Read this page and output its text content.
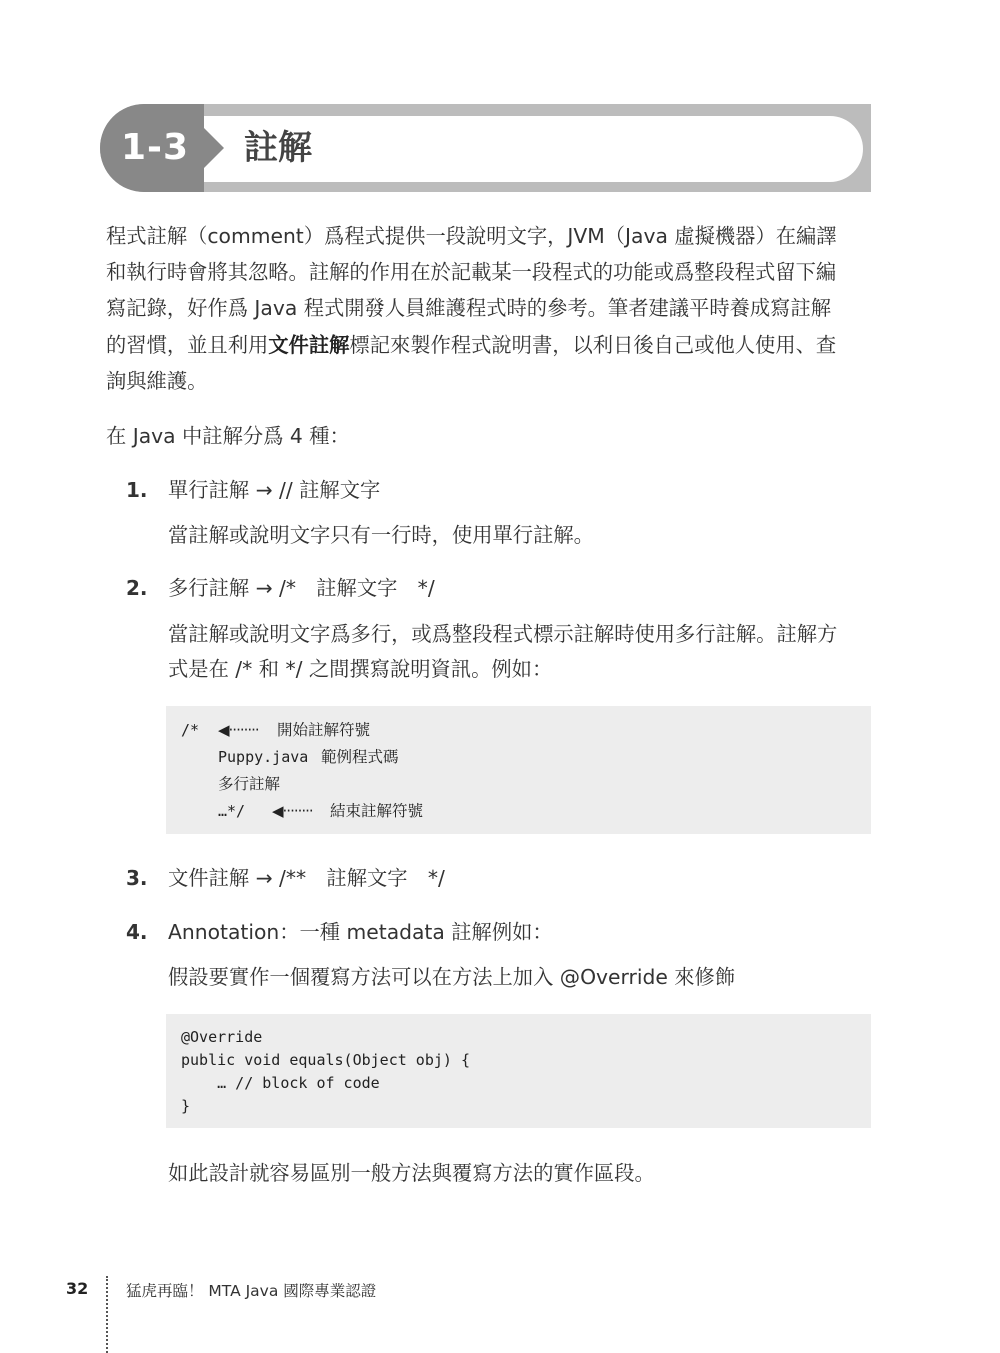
1-3	註解
程式註解（comment）爲程式提供一段說明文字，JVM（Java 虛擬機器）在編譯
和執行時會將其忽略。註解的作用在於記載某一段程式的功能或爲整段程式留下編
寫記錄，好作爲 Java 程式開發人員維護程式時的參考。筆者建議平時養成寫註解
的習慣，並且利用文件註解標記來製作程式說明書，以利日後自己或他人使用、查
詢與維護。
在 Java 中註解分爲 4 種：
1. 單行註解 → // 註解文字
當註解或說明文字只有一行時，使用單行註解。
2. 多行註解 → /*　註解文字　*/
當註解或說明文字爲多行，或爲整段程式標示註解時使用多行註解。註解方
式是在 /* 和 */ 之間撰寫說明資訊。例如：
/* ◀········ 開始註解符號
Puppy.java 範例程式碼
多行註解
…*/ ◀········ 結束註解符號
3. 文件註解 → /**　註解文字　*/
4. Annotation：一種 metadata 註解例如：
假設要實作一個覆寫方法可以在方法上加入 @Override 來修飾
@Override
public void equals(Object obj) {
… // block of code
}
如此設計就容易區別一般方法與覆寫方法的實作區段。
32 猛虎再臨！ MTA Java 國際專業認證
